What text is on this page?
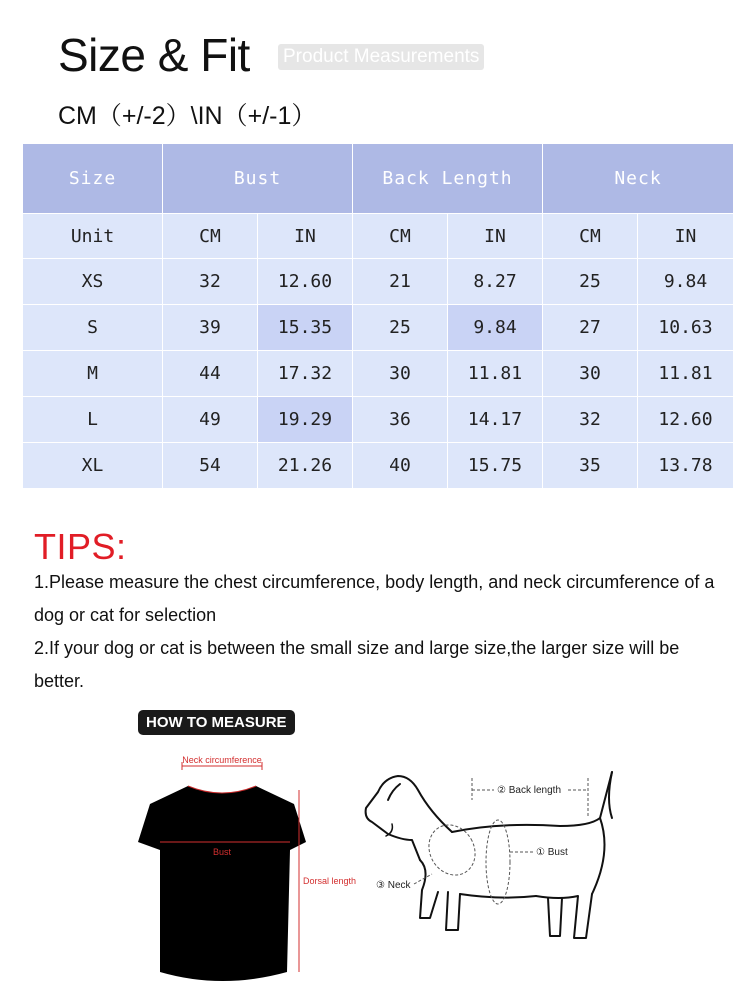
Size & Fit Product Measurements
CM（+/-2）\IN（+/-1）
Size	Bust		Back Length		Neck	
Unit	CM	IN	CM	IN	CM	IN
XS	32	12.60	21	8.27	25	9.84
S	39	15.35	25	9.84	27	10.63
M	44	17.32	30	11.81	30	11.81
L	49	19.29	36	14.17	32	12.60
XL	54	21.26	40	15.75	35	13.78
TIPS:

1.Please measure the chest circumference, body length, and neck circumference of a dog or cat for selection

2.If your dog or cat is between the small size and large size,the larger size will be better.

HOW TO MEASURE
Neck circumference
Bust
Dorsal length
② Back length
① Bust
③ Neck
